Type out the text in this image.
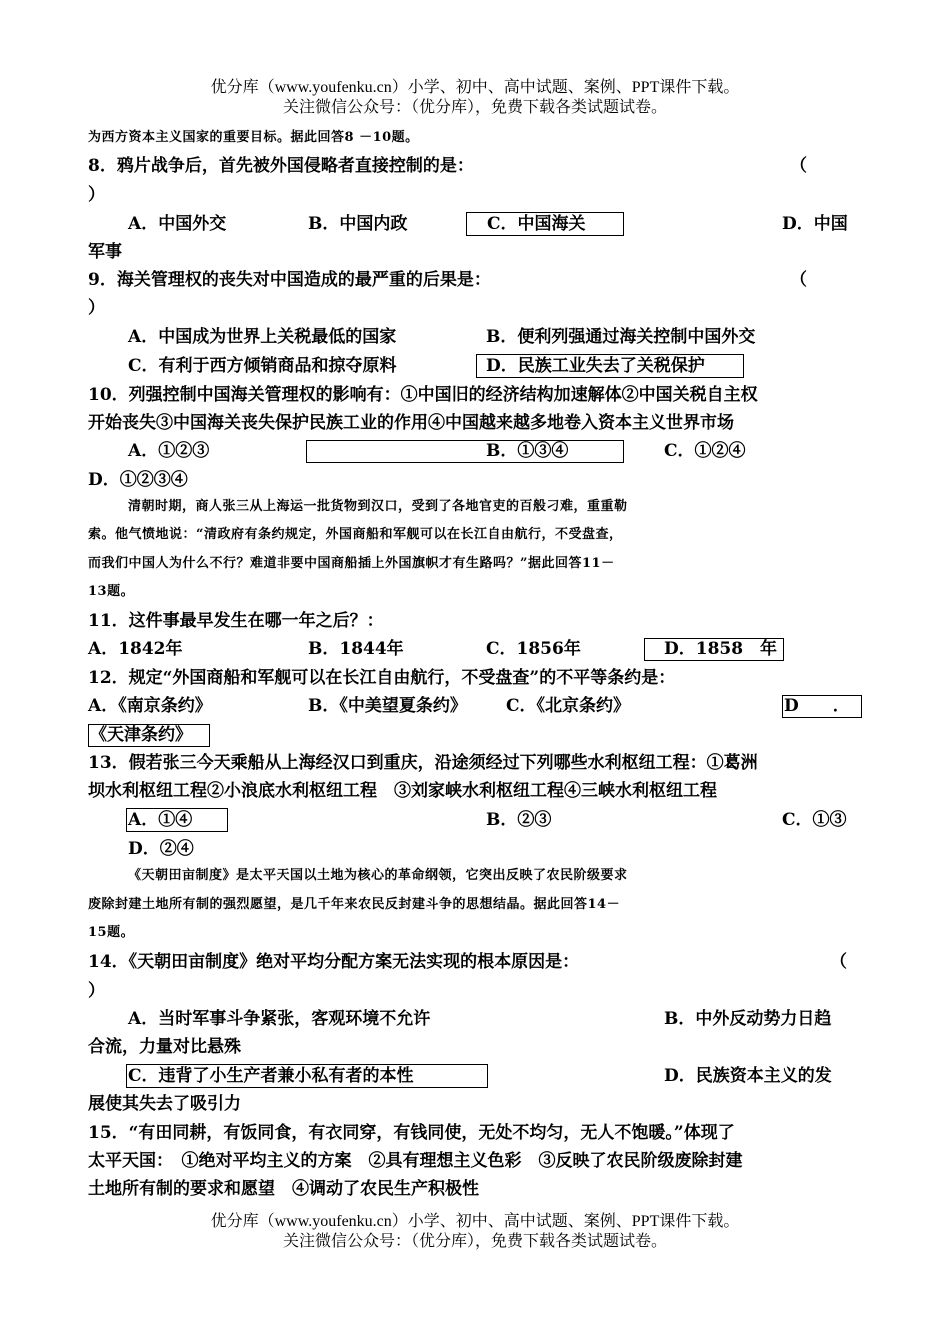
优分库（www.youfenku.cn）小学、初中、高中试题、案例、PPT课件下载。
关注微信公众号：（优分库），免费下载各类试题试卷。
为西方资本主义国家的重要目标。据此回答8 －10题。
8．鸦片战争后，首先被外国侵略者直接控制的是：	（
）
A．中国外交	B．中国内政	C．中国海关	D．中国
军事
9．海关管理权的丧失对中国造成的最严重的后果是：	（
）
A．中国成为世界上关税最低的国家	B．便利列强通过海关控制中国外交
C．有利于西方倾销商品和掠夺原料	D．民族工业失去了关税保护
10．列强控制中国海关管理权的影响有：①中国旧的经济结构加速解体②中国关税自主权
开始丧失③中国海关丧失保护民族工业的作用④中国越来越多地卷入资本主义世界市场
A．①②③	B．①③④	C．①②④
D．①②③④
清朝时期，商人张三从上海运一批货物到汉口，受到了各地官吏的百般刁难，重重勒
索。他气愤地说：“清政府有条约规定，外国商船和军舰可以在长江自由航行，不受盘查，
而我们中国人为什么不行？难道非要中国商船插上外国旗帜才有生路吗？”据此回答11－
13题。
11．这件事最早发生在哪一年之后？：
A．1842年	B．1844年	C．1856年	D．1858　年
12．规定“外国商船和军舰可以在长江自由航行，不受盘查”的不平等条约是：
A．《南京条约》	B．《中美望夏条约》 C．《北京条约》	D　　．
《天津条约》
13．假若张三今天乘船从上海经汉口到重庆，沿途须经过下列哪些水利枢纽工程：①葛洲
坝水利枢纽工程②小浪底水利枢纽工程　③刘家峡水利枢纽工程④三峡水利枢纽工程
A．①④	B．②③	C．①③
D．②④
《天朝田亩制度》是太平天国以土地为核心的革命纲领，它突出反映了农民阶级要求
废除封建土地所有制的强烈愿望，是几千年来农民反封建斗争的思想结晶。据此回答14－
15题。
14．《天朝田亩制度》绝对平均分配方案无法实现的根本原因是：	（
）
A．当时军事斗争紧张，客观环境不允许	B．中外反动势力日趋
合流，力量对比悬殊
C．违背了小生产者兼小私有者的本性	D．民族资本主义的发
展使其失去了吸引力
15．“有田同耕，有饭同食，有衣同穿，有钱同使，无处不均匀，无人不饱暖。”体现了
太平天国：　①绝对平均主义的方案　②具有理想主义色彩　③反映了农民阶级废除封建
土地所有制的要求和愿望　④调动了农民生产积极性
优分库（www.youfenku.cn）小学、初中、高中试题、案例、PPT课件下载。
关注微信公众号：（优分库），免费下载各类试题试卷。
